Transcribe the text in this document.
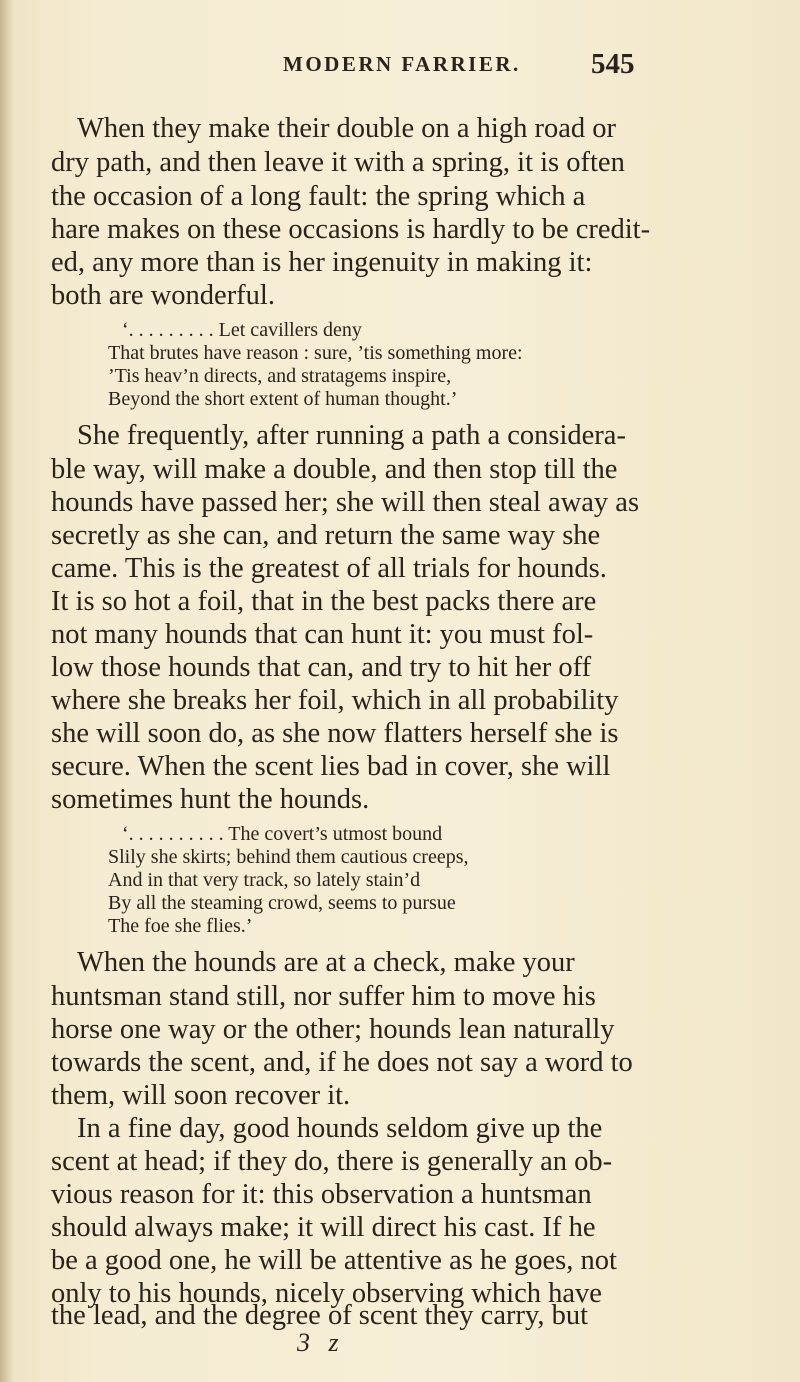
MODERN FARRIER. 545
When they make their double on a high road or
dry path, and then leave it with a spring, it is often
the occasion of a long fault: the spring which a
hare makes on these occasions is hardly to be credit-
ed, any more than is her ingenuity in making it:
both are wonderful.
‘. . . . . . . . . Let cavillers deny
That brutes have reason : sure, ’tis something more:
’Tis heav’n directs, and stratagems inspire,
Beyond the short extent of human thought.’
She frequently, after running a path a considera-
ble way, will make a double, and then stop till the
hounds have passed her; she will then steal away as
secretly as she can, and return the same way she
came. This is the greatest of all trials for hounds.
It is so hot a foil, that in the best packs there are
not many hounds that can hunt it: you must fol-
low those hounds that can, and try to hit her off
where she breaks her foil, which in all probability
she will soon do, as she now flatters herself she is
secure. When the scent lies bad in cover, she will
sometimes hunt the hounds.
‘. . . . . . . . . . The covert’s utmost bound
Slily she skirts; behind them cautious creeps,
And in that very track, so lately stain’d
By all the steaming crowd, seems to pursue
The foe she flies.’
When the hounds are at a check, make your
huntsman stand still, nor suffer him to move his
horse one way or the other; hounds lean naturally
towards the scent, and, if he does not say a word to
them, will soon recover it.
In a fine day, good hounds seldom give up the
scent at head; if they do, there is generally an ob-
vious reason for it: this observation a huntsman
should always make; it will direct his cast. If he
be a good one, he will be attentive as he goes, not
only to his hounds, nicely observing which have
the lead, and the degree of scent they carry, but
3 z
